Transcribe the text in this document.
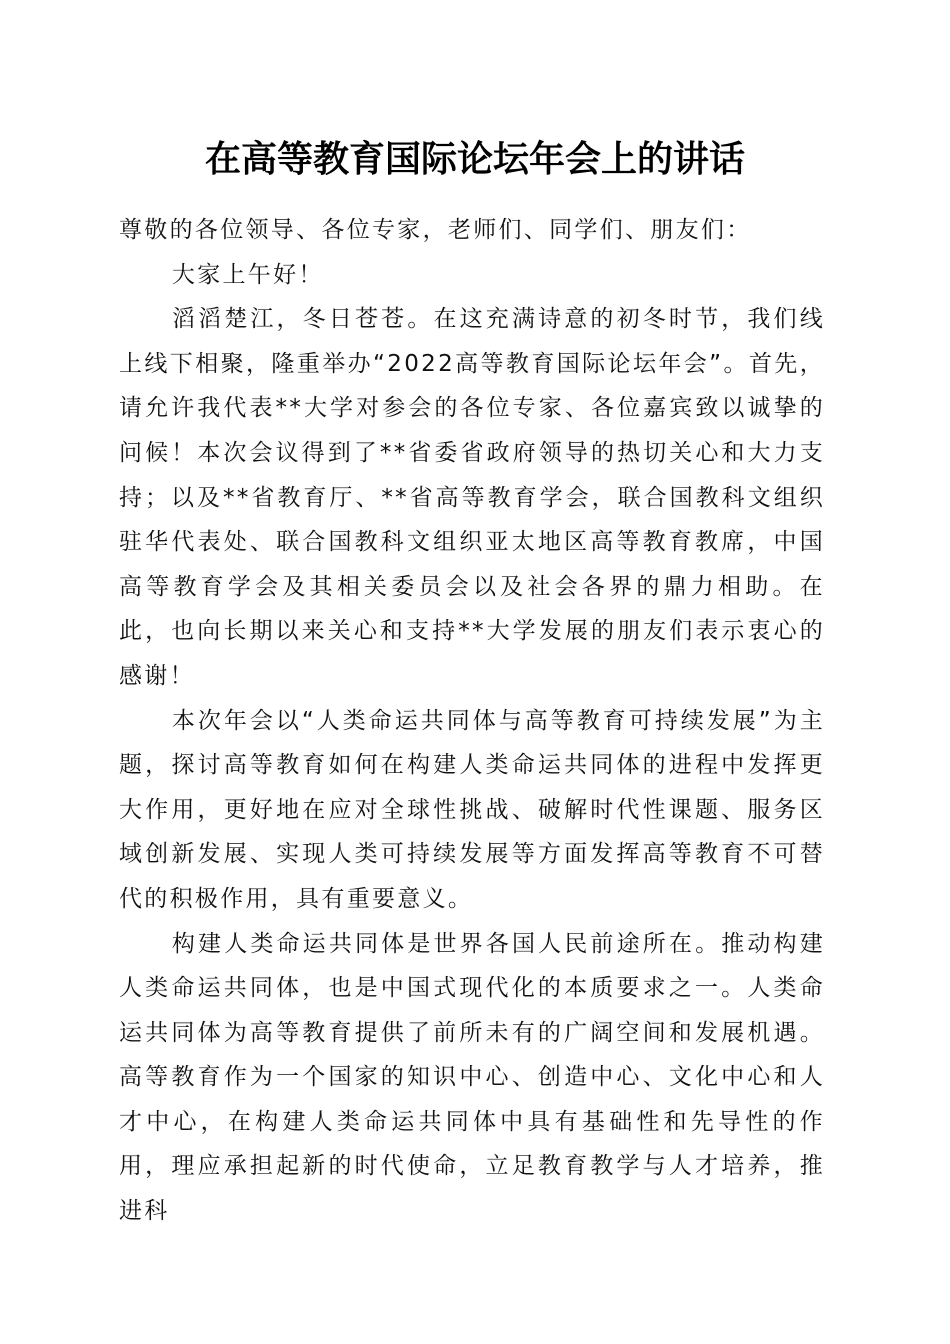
在高等教育国际论坛年会上的讲话

尊敬的各位领导、各位专家，老师们、同学们、朋友们：

大家上午好！

滔滔楚江，冬日苍苍。在这充满诗意的初冬时节，我们线上线下相聚，隆重举办“2022高等教育国际论坛年会”。首先，请允许我代表**大学对参会的各位专家、各位嘉宾致以诚挚的问候！本次会议得到了**省委省政府领导的热切关心和大力支持；以及**省教育厅、**省高等教育学会，联合国教科文组织驻华代表处、联合国教科文组织亚太地区高等教育教席，中国高等教育学会及其相关委员会以及社会各界的鼎力相助。在此，也向长期以来关心和支持**大学发展的朋友们表示衷心的感谢！

本次年会以“人类命运共同体与高等教育可持续发展”为主题，探讨高等教育如何在构建人类命运共同体的进程中发挥更大作用，更好地在应对全球性挑战、破解时代性课题、服务区域创新发展、实现人类可持续发展等方面发挥高等教育不可替代的积极作用，具有重要意义。

构建人类命运共同体是世界各国人民前途所在。推动构建人类命运共同体，也是中国式现代化的本质要求之一。人类命运共同体为高等教育提供了前所未有的广阔空间和发展机遇。高等教育作为一个国家的知识中心、创造中心、文化中心和人才中心，在构建人类命运共同体中具有基础性和先导性的作用，理应承担起新的时代使命，立足教育教学与人才培养，推进科
